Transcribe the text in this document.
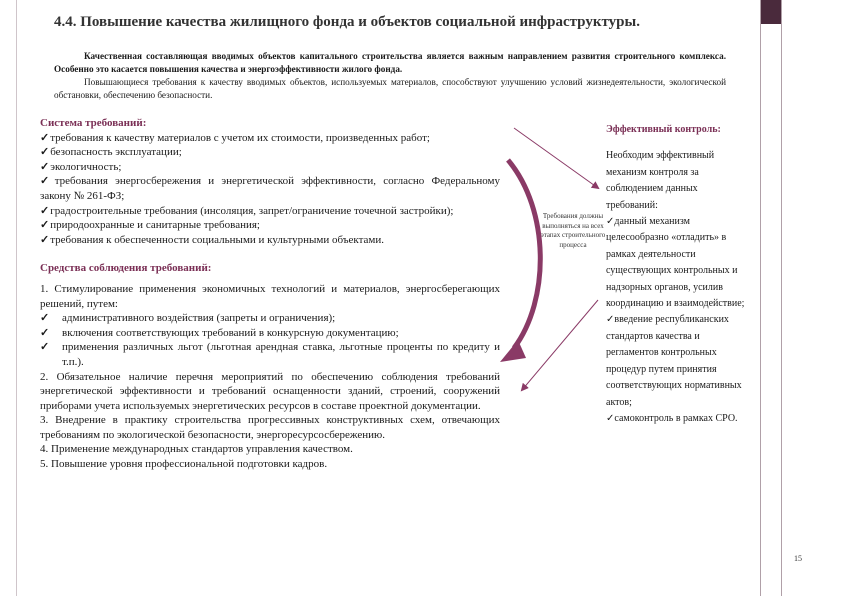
4.4. Повышение качества жилищного фонда и объектов социальной инфраструктуры.

Качественная составляющая вводимых объектов капитального строительства является важным направлением развития строительного комплекса. Особенно это касается повышения качества и энергоэффективности жилого фонда.

Повышающиеся требования к качеству вводимых объектов, используемых материалов, способствуют улучшению условий жизнедеятельности, экологической обстановки, обеспечению безопасности.

Система требований:

✓требования к качеству материалов с учетом их стоимости, произведенных работ;
✓безопасность эксплуатации;
✓экологичность;
✓требования энергосбережения и энергетической эффективности, согласно Федеральному закону № 261-ФЗ;
✓градостроительные требования (инсоляция, запрет/ограничение точечной застройки);
✓природоохранные и санитарные требования;
✓требования к обеспеченности социальными и культурными объектами.

Средства соблюдения требований:

1. Стимулирование применения экономичных технологий и материалов, энергосберегающих решений, путем:

✓ административного воздействия (запреты и ограничения);

✓ включения соответствующих требований в конкурсную документацию;

✓ применения различных льгот (льготная арендная ставка, льготные проценты по кредиту и т.п.).

2. Обязательное наличие перечня мероприятий по обеспечению соблюдения требований энергетической эффективности и требований оснащенности зданий, строений, сооружений приборами учета используемых энергетических ресурсов в составе проектной документации.

3. Внедрение в практику строительства прогрессивных конструктивных схем, отвечающих требованиям по экологической безопасности, энергоресурсосбережению.

4. Применение международных стандартов управления качеством.

5. Повышение уровня профессиональной подготовки кадров.

Требования должны выполняться на всех этапах строительного процесса

Эффективный контроль:

Необходим эффективный механизм контроля за соблюдением данных требований:

✓данный механизм целесообразно «отладить» в рамках деятельности существующих контрольных и надзорных органов, усилив координацию и взаимодействие;

✓введение республиканских стандартов качества и регламентов контрольных процедур путем принятия соответствующих нормативных актов;

✓самоконтроль в рамках СРО.

15
